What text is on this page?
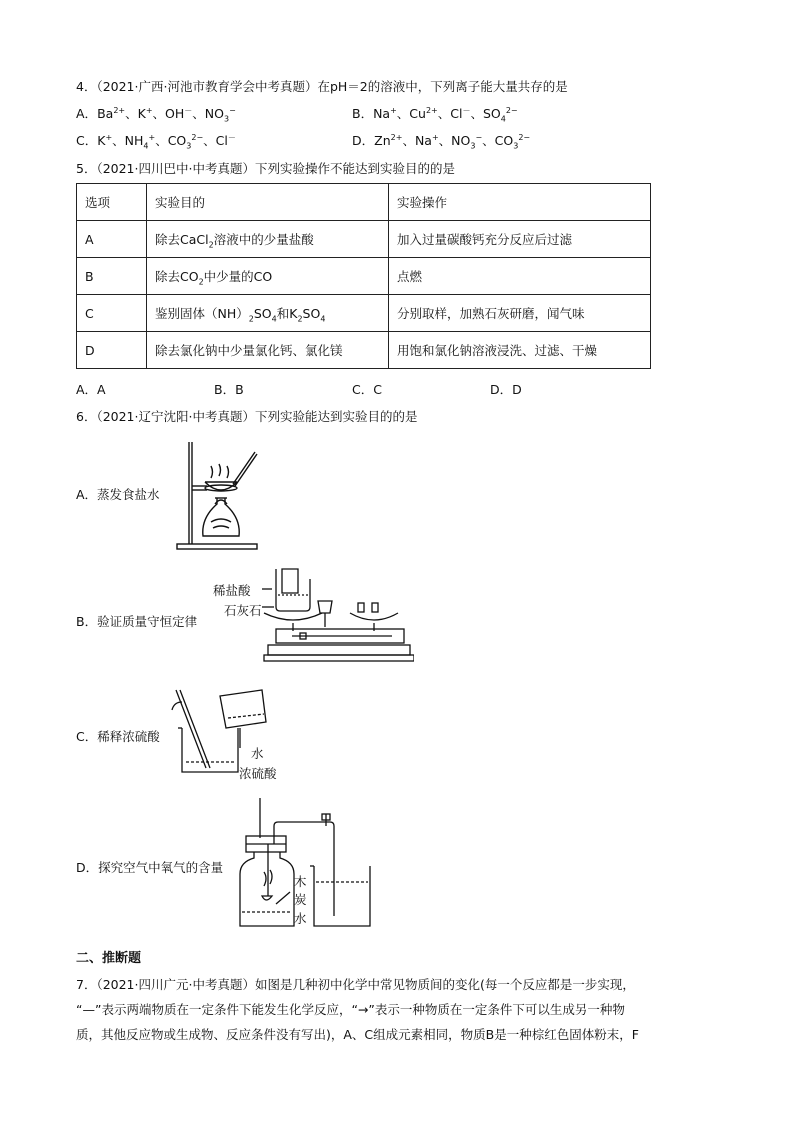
4．（2021·广西·河池市教育学会中考真题）在pH＝2的溶液中，下列离子能大量共存的是
A．$Ba^{2+}$、K+、OH－、$NO_3^-$	B．Na+、$Cu^{2+}$、Cl－、$SO_4^{2-}$
C．K+、$NH_4^+$、$CO_3^{2-}$、Cl－	D．$Zn^{2+}$、Na+、$NO_3^-$、$CO_3^{2-}$
5．（2021·四川巴中·中考真题）下列实验操作不能达到实验目的的是
选项	实验目的	实验操作
A	除去CaCl$_2$溶液中的少量盐酸	加入过量碳酸钙充分反应后过滤
B	除去$CO_2$中少量的CO	点燃
C	鉴别固体$(NH)_2SO_4$和$K_2SO_4$	分别取样，加熟石灰研磨，闻气味
D	除去氯化钠中少量氯化钙、氯化镁	用饱和氯化钠溶液浸洗、过滤、干燥
A．A	B．B	C．C	D．D
6．（2021·辽宁沈阳·中考真题）下列实验能达到实验目的的是
A．蒸发食盐水
B．验证质量守恒定律
稀盐酸
石灰石
C．稀释浓硫酸
水
浓硫酸
D．探究空气中氧气的含量
木
炭
水
二、推断题
7．（2021·四川广元·中考真题）如图是几种初中化学中常见物质间的变化(每一个反应都是一步实现，
“—”表示两端物质在一定条件下能发生化学反应，“→”表示一种物质在一定条件下可以生成另一种物
质，其他反应物或生成物、反应条件没有写出)，A、C组成元素相同，物质B是一种棕红色固体粉末，F
